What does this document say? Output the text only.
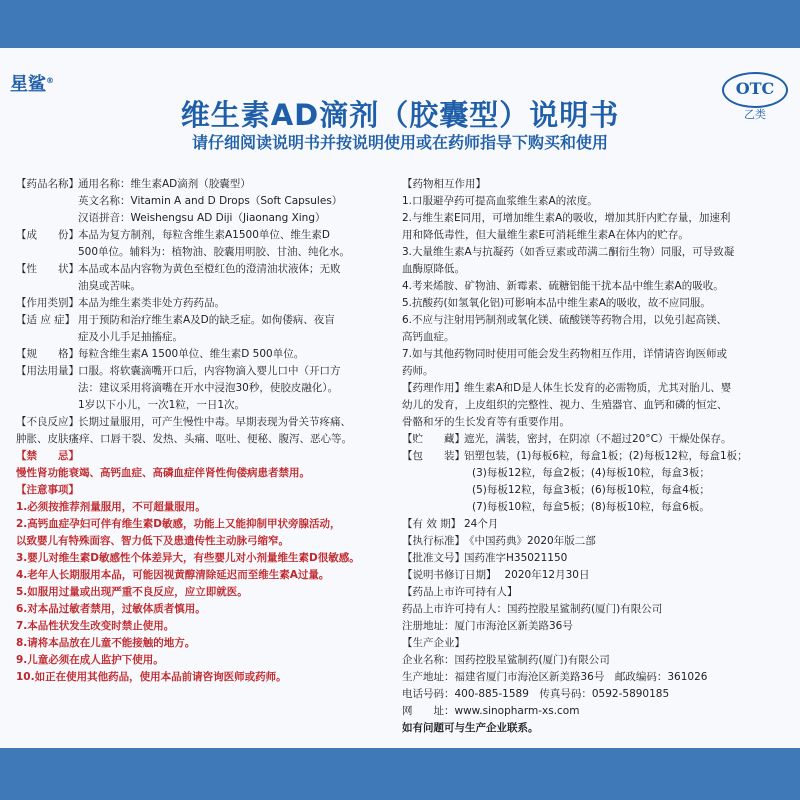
星鲨®
维生素AD滴剂（胶囊型）说明书
请仔细阅读说明书并按说明使用或在药师指导下购买和使用
OTC
乙类
【药品名称】 通用名称：维生素AD滴剂（胶囊型）
英文名称：Vitamin A and D Drops（Soft Capsules）
汉语拼音：Weishengsu AD Diji（Jiaonang Xing）
【成　　份】 本品为复方制剂，每粒含维生素A1500单位、维生素D
500单位。辅料为：植物油、胶囊用明胶、甘油、纯化水。
【性　　状】 本品或本品内容物为黄色至橙红色的澄清油状液体；无败
油臭或苦味。
【作用类别】 本品为维生素类非处方药药品。
【适 应 症】 用于预防和治疗维生素A及D的缺乏症。如佝偻病、夜盲
症及小儿手足抽搐症。
【规　　格】 每粒含维生素A 1500单位、维生素D 500单位。
【用法用量】 口服。将软囊滴嘴开口后，内容物滴入婴儿口中（开口方
法：建议采用将滴嘴在开水中浸泡30秒，使胶皮融化）。
1岁以下小儿，一次1粒，一日1次。
【不良反应】 长期过量服用，可产生慢性中毒。早期表现为骨关节疼痛、
肿胀、皮肤瘙痒、口唇干裂、发热、头痛、呕吐、便秘、腹泻、恶心等。
【禁　　忌】
慢性肾功能衰竭、高钙血症、高磷血症伴肾性佝偻病患者禁用。
【注意事项】
1.必须按推荐剂量服用，不可超量服用。
2.高钙血症孕妇可伴有维生素D敏感，功能上又能抑制甲状旁腺活动，
以致婴儿有特殊面容、智力低下及患遗传性主动脉弓缩窄。
3.婴儿对维生素D敏感性个体差异大，有些婴儿对小剂量维生素D很敏感。
4.老年人长期服用本品，可能因视黄醇清除延迟而至维生素A过量。
5.如服用过量或出现严重不良反应，应立即就医。
6.对本品过敏者禁用，过敏体质者慎用。
7.本品性状发生改变时禁止使用。
8.请将本品放在儿童不能接触的地方。
9.儿童必须在成人监护下使用。
10.如正在使用其他药品，使用本品前请咨询医师或药师。
【药物相互作用】
1.口服避孕药可提高血浆维生素A的浓度。
2.与维生素E同用，可增加维生素A的吸收，增加其肝内贮存量，加速利
用和降低毒性，但大量维生素E可消耗维生素A在体内的贮存。
3.大量维生素A与抗凝药（如香豆素或茚满二酮衍生物）同服，可导致凝
血酶原降低。
4.考来烯胺、矿物油、新霉素、硫糖铝能干扰本品中维生素A的吸收。
5.抗酸药(如氢氧化铝)可影响本品中维生素A的吸收，故不应同服。
6.不应与注射用钙制剂或氧化镁、硫酸镁等药物合用，以免引起高镁、
高钙血症。
7.如与其他药物同时使用可能会发生药物相互作用，详情请咨询医师或
药师。
【药理作用】 维生素A和D是人体生长发育的必需物质，尤其对胎儿、婴
幼儿的发育，上皮组织的完整性、视力、生殖器官、血钙和磷的恒定、
骨骼和牙的生长发育等有重要作用。
【贮　　藏】 遮光，满装，密封，在阴凉（不超过20°C）干燥处保存。
【包　　装】 铝塑包装，(1)每板6粒，每盒1板；(2)每板12粒，每盒1板；
(3)每板12粒，每盒2板；(4)每板10粒，每盒3板；
(5)每板12粒，每盒3板；(6)每板10粒，每盒4板；
(7)每板10粒，每盒5板；(8)每板10粒，每盒6板。
【有 效 期】 24个月
【执行标准】 《中国药典》2020年版二部
【批准文号】 国药准字H35021150
【说明书修订日期】 2020年12月30日
【药品上市许可持有人】
药品上市许可持有人：国药控股星鲨制药(厦门)有限公司
注册地址：厦门市海沧区新美路36号
【生产企业】
企业名称：国药控股星鲨制药(厦门)有限公司
生产地址：福建省厦门市海沧区新美路36号　邮政编码：361026
电话号码：400-885-1589　传真号码：0592-5890185
网　　址：www.sinopharm-xs.com
如有问题可与生产企业联系。
